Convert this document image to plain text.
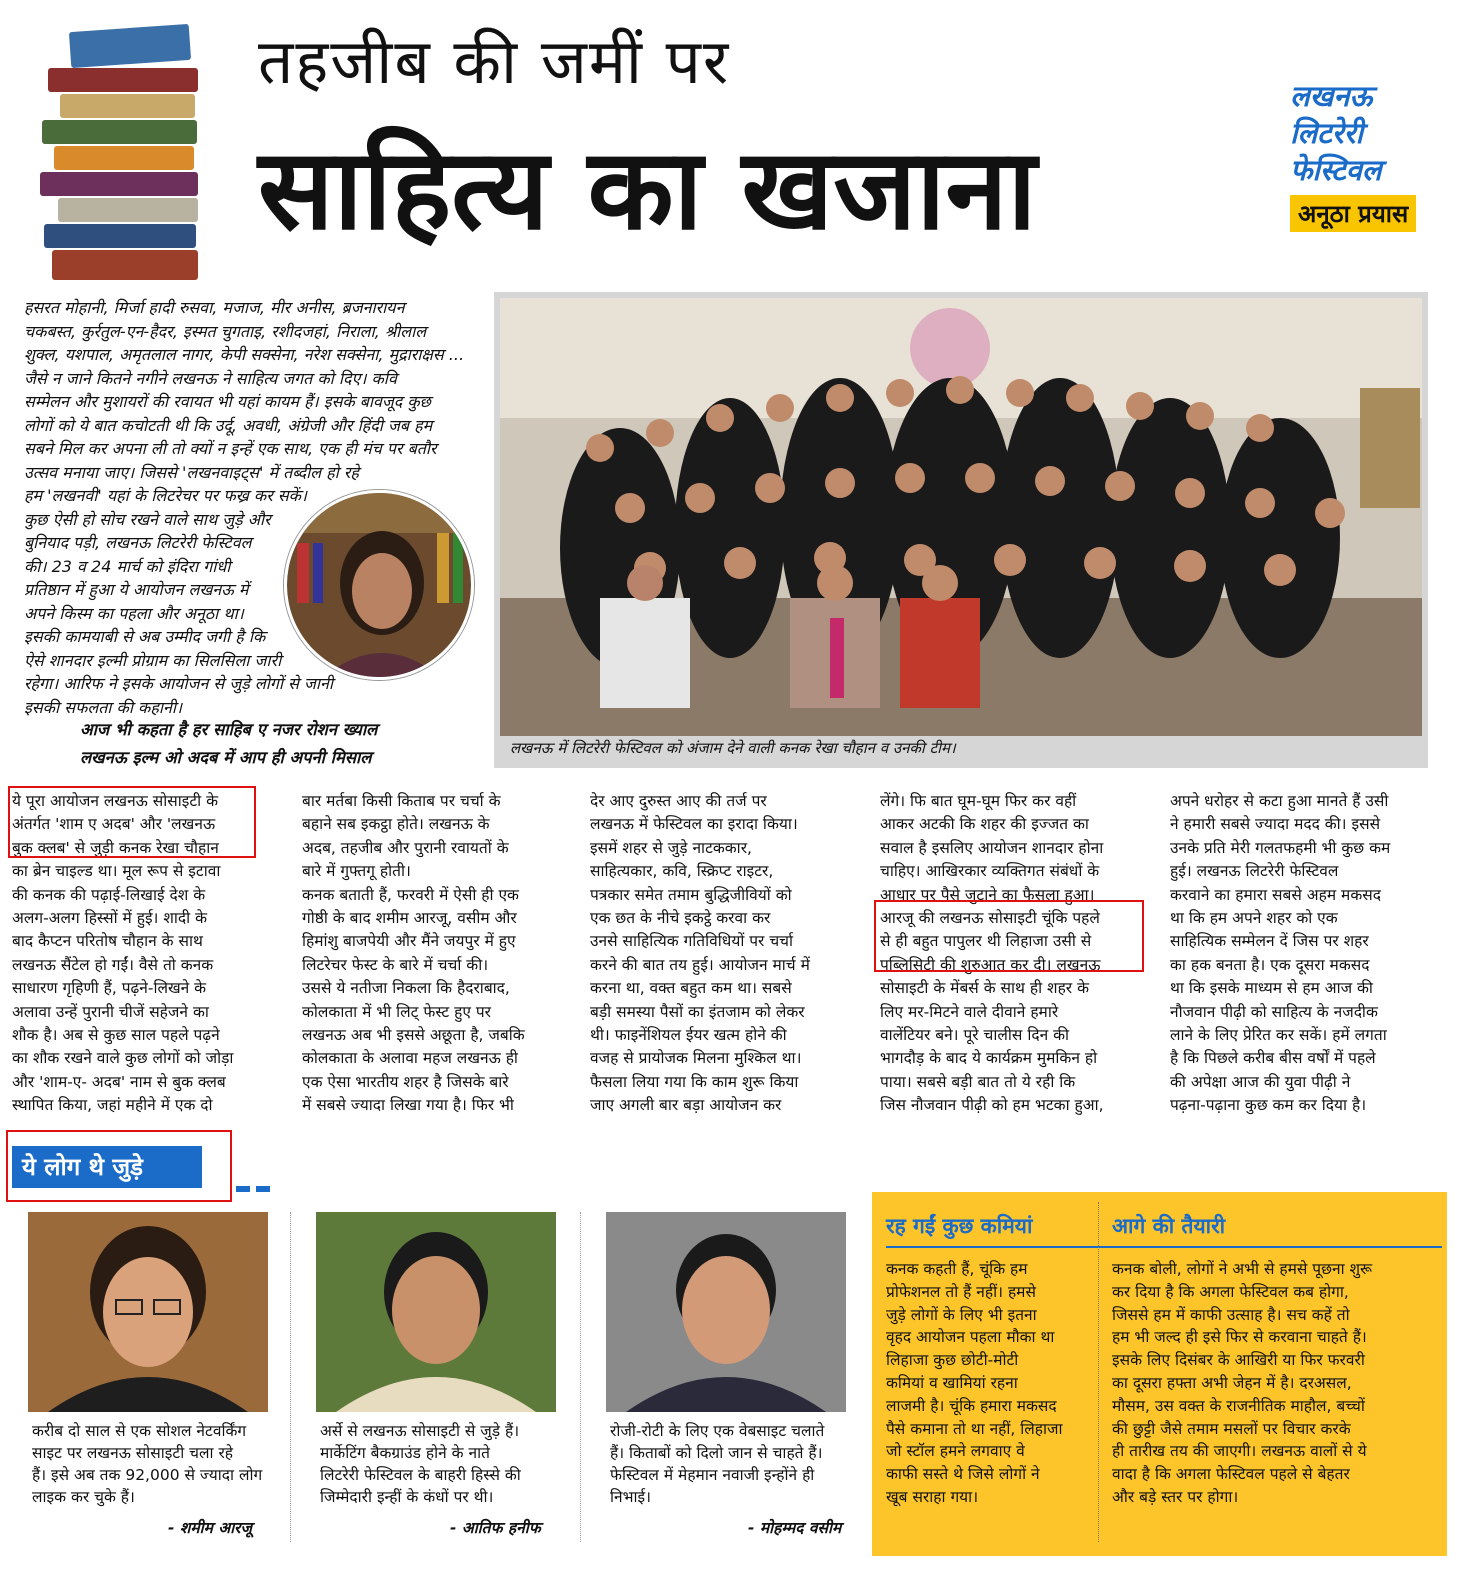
तहजीब की जमीं पर
साहित्य का खजाना
लखनऊ
लिटरेरी
फेस्टिवल
अनूठा प्रयास

हसरत मोहानी, मिर्जा हादी रुसवा, मजाज, मीर अनीस, ब्रजनारायन

चकबस्त, कुर्रतुल-एन-हैदर, इस्मत चुगताइ, रशीदजहां, निराला, श्रीलाल

शुक्ल, यशपाल, अमृतलाल नागर, केपी सक्सेना, नरेश सक्सेना, मुद्राराक्षस ...

जैसे न जाने कितने नगीने लखनऊ ने साहित्य जगत को दिए। कवि

सम्मेलन और मुशायरों की रवायत भी यहां कायम हैं। इसके बावजूद कुछ

लोगों को ये बात कचोटती थी कि उर्दू, अवधी, अंग्रेजी और हिंदी जब हम

सबने मिल कर अपना ली तो क्यों न इन्हें एक साथ, एक ही मंच पर बतौर

उत्सव मनाया जाए। जिससे 'लखनवाइट्स' में तब्दील हो रहे

हम 'लखनवी' यहां के लिटरेचर पर फख्र कर सकें।

कुछ ऐसी हो सोच रखने वाले साथ जुड़े और

बुनियाद पड़ी, लखनऊ लिटरेरी फेस्टिवल

की। 23 व 24 मार्च को इंदिरा गांधी

प्रतिष्ठान में हुआ ये आयोजन लखनऊ में

अपने किस्म का पहला और अनूठा था।

इसकी कामयाबी से अब उम्मीद जगी है कि

ऐसे शानदार इल्मी प्रोग्राम का सिलसिला जारी

रहेगा। आरिफ ने इसके आयोजन से जुड़े लोगों से जानी

इसकी सफलता की कहानी।

आज भी कहता है हर साहिब ए नजर रोशन ख्याल
लखनऊ इल्म ओ अदब में आप ही अपनी मिसाल	लखनऊ में लिटरेरी फेस्टिवल को अंजाम देने वाली कनक रेखा चौहान व उनकी टीम।
ये पूरा आयोजन लखनऊ सोसाइटी के
अंतर्गत 'शाम ए अदब' और 'लखनऊ
बुक क्लब' से जुड़ी कनक रेखा चौहान
का ब्रेन चाइल्ड था। मूल रूप से इटावा
की कनक की पढ़ाई-लिखाई देश के
अलग-अलग हिस्सों में हुई। शादी के
बाद कैप्टन परितोष चौहान के साथ
लखनऊ सैंटेल हो गईं। वैसे तो कनक
साधारण गृहिणी हैं, पढ़ने-लिखने के
अलावा उन्हें पुरानी चीजें सहेजने का
शौक है। अब से कुछ साल पहले पढ़ने
का शौक रखने वाले कुछ लोगों को जोड़ा
और 'शाम-ए- अदब' नाम से बुक क्लब
स्थापित किया, जहां महीने में एक दो
बार मर्तबा किसी किताब पर चर्चा के
बहाने सब इकट्ठा होते। लखनऊ के
अदब, तहजीब और पुरानी रवायतों के
बारे में गुफ्तगू होती।
कनक बताती हैं, फरवरी में ऐसी ही एक
गोष्ठी के बाद शमीम आरजू, वसीम और
हिमांशु बाजपेयी और मैंने जयपुर में हुए
लिटरेचर फेस्ट के बारे में चर्चा की।
उससे ये नतीजा निकला कि हैदराबाद,
कोलकाता में भी लिट् फेस्ट हुए पर
लखनऊ अब भी इससे अछूता है, जबकि
कोलकाता के अलावा महज लखनऊ ही
एक ऐसा भारतीय शहर है जिसके बारे
में सबसे ज्यादा लिखा गया है। फिर भी
देर आए दुरुस्त आए की तर्ज पर
लखनऊ में फेस्टिवल का इरादा किया।
इसमें शहर से जुड़े नाटककार,
साहित्यकार, कवि, स्क्रिप्ट राइटर,
पत्रकार समेत तमाम बुद्धिजीवियों को
एक छत के नीचे इकट्ठे करवा कर
उनसे साहित्यिक गतिविधियों पर चर्चा
करने की बात तय हुई। आयोजन मार्च में
करना था, वक्त बहुत कम था। सबसे
बड़ी समस्या पैसों का इंतजाम को लेकर
थी। फाइनेंशियल ईयर खत्म होने की
वजह से प्रायोजक मिलना मुश्किल था।
फैसला लिया गया कि काम शुरू किया
जाए अगली बार बड़ा आयोजन कर
लेंगे। फि बात घूम-घूम फिर कर वहीं
आकर अटकी कि शहर की इज्जत का
सवाल है इसलिए आयोजन शानदार होना
चाहिए। आखिरकार व्यक्तिगत संबंधों के
आधार पर पैसे जुटाने का फैसला हुआ।
आरजू की लखनऊ सोसाइटी चूंकि पहले
से ही बहुत पापुलर थी लिहाजा उसी से
पब्लिसिटी की शुरुआत कर दी। लखनऊ
सोसाइटी के मेंबर्स के साथ ही शहर के
लिए मर-मिटने वाले दीवाने हमारे
वालेंटियर बने। पूरे चालीस दिन की
भागदौड़ के बाद ये कार्यक्रम मुमकिन हो
पाया। सबसे बड़ी बात तो ये रही कि
जिस नौजवान पीढ़ी को हम भटका हुआ,
अपने धरोहर से कटा हुआ मानते हैं उसी
ने हमारी सबसे ज्यादा मदद की। इससे
उनके प्रति मेरी गलतफहमी भी कुछ कम
हुई। लखनऊ लिटरेरी फेस्टिवल
करवाने का हमारा सबसे अहम मकसद
था कि हम अपने शहर को एक
साहित्यिक सम्मेलन दें जिस पर शहर
का हक बनता है। एक दूसरा मकसद
था कि इसके माध्यम से हम आज की
नौजवान पीढ़ी को साहित्य के नजदीक
लाने के लिए प्रेरित कर सकें। हमें लगता
है कि पिछले करीब बीस वर्षों में पहले
की अपेक्षा आज की युवा पीढ़ी ने
पढ़ना-पढ़ाना कुछ कम कर दिया है।
ये लोग थे जुड़े
करीब दो साल से एक सोशल नेटवर्किंग
साइट पर लखनऊ सोसाइटी चला रहे
हैं। इसे अब तक 92,000 से ज्यादा लोग
लाइक कर चुके हैं।
- शमीम आरजू
अर्से से लखनऊ सोसाइटी से जुड़े हैं।
मार्केटिंग बैकग्राउंड होने के नाते
लिटरेरी फेस्टिवल के बाहरी हिस्से की
जिम्मेदारी इन्हीं के कंधों पर थी।
- आतिफ हनीफ
रोजी-रोटी के लिए एक वेबसाइट चलाते
हैं। किताबों को दिलो जान से चाहते हैं।
फेस्टिवल में मेहमान नवाजी इन्होंने ही
निभाई।
- मोहम्मद वसीम
रह गईं कुछ कमियां
कनक कहती हैं, चूंकि हम
प्रोफेशनल तो हैं नहीं। हमसे
जुड़े लोगों के लिए भी इतना
वृहद आयोजन पहला मौका था
लिहाजा कुछ छोटी-मोटी
कमियां व खामियां रहना
लाजमी है। चूंकि हमारा मकसद
पैसे कमाना तो था नहीं, लिहाजा
जो स्टॉल हमने लगवाए वे
काफी सस्ते थे जिसे लोगों ने
खूब सराहा गया।
आगे की तैयारी
कनक बोली, लोगों ने अभी से हमसे पूछना शुरू
कर दिया है कि अगला फेस्टिवल कब होगा,
जिससे हम में काफी उत्साह है। सच कहें तो
हम भी जल्द ही इसे फिर से करवाना चाहते हैं।
इसके लिए दिसंबर के आखिरी या फिर फरवरी
का दूसरा हफ्ता अभी जेहन में है। दरअसल,
मौसम, उस वक्त के राजनीतिक माहौल, बच्चों
की छुट्टी जैसे तमाम मसलों पर विचार करके
ही तारीख तय की जाएगी। लखनऊ वालों से ये
वादा है कि अगला फेस्टिवल पहले से बेहतर
और बड़े स्तर पर होगा।
